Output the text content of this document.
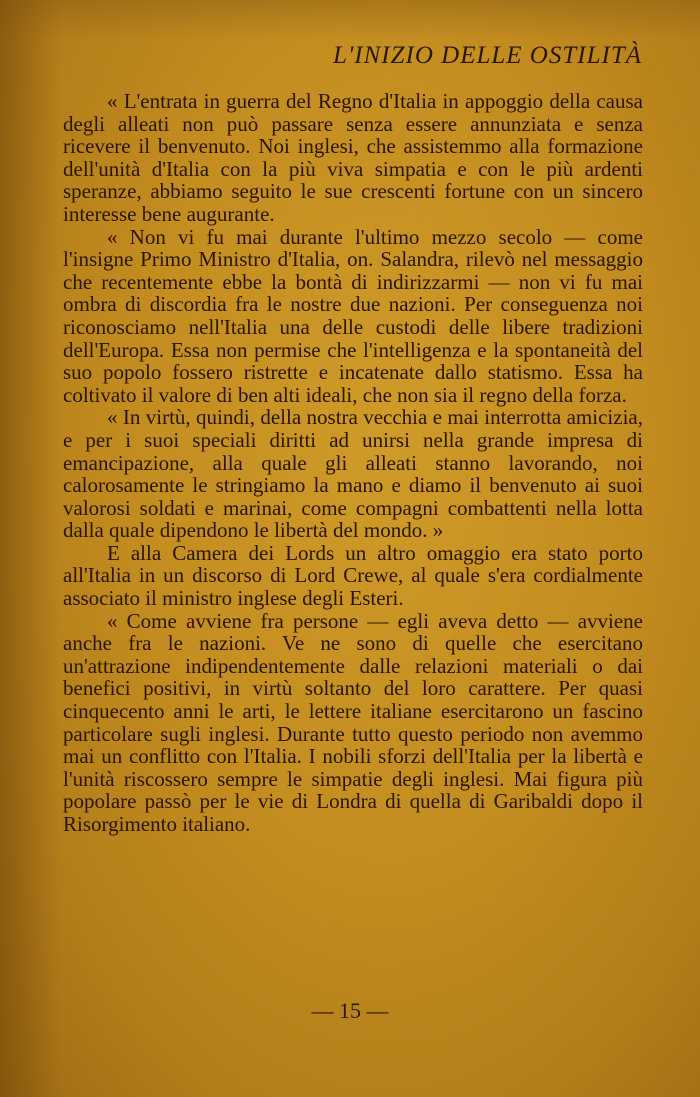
L'INIZIO DELLE OSTILITÀ

« L'entrata in guerra del Regno d'Italia in appoggio della causa degli alleati non può passare senza essere annunziata e senza ricevere il benvenuto. Noi inglesi, che assistemmo alla formazione dell'unità d'Italia con la più viva simpatia e con le più ardenti speranze, abbiamo seguito le sue crescenti fortune con un sincero interesse bene augurante.

« Non vi fu mai durante l'ultimo mezzo secolo — come l'insigne Primo Ministro d'Italia, on. Salandra, rilevò nel messaggio che recentemente ebbe la bontà di indirizzarmi — non vi fu mai ombra di discordia fra le nostre due nazioni. Per conseguenza noi riconosciamo nell'Italia una delle custodi delle libere tradizioni dell'Europa. Essa non permise che l'intelligenza e la spontaneità del suo popolo fossero ristrette e incatenate dallo statismo. Essa ha coltivato il valore di ben alti ideali, che non sia il regno della forza.

« In virtù, quindi, della nostra vecchia e mai interrotta amicizia, e per i suoi speciali diritti ad unirsi nella grande impresa di emancipazione, alla quale gli alleati stanno lavorando, noi calorosamente le stringiamo la mano e diamo il benvenuto ai suoi valorosi soldati e marinai, come compagni combattenti nella lotta dalla quale dipendono le libertà del mondo. »

E alla Camera dei Lords un altro omaggio era stato porto all'Italia in un discorso di Lord Crewe, al quale s'era cordialmente associato il ministro inglese degli Esteri.

« Come avviene fra persone — egli aveva detto — avviene anche fra le nazioni. Ve ne sono di quelle che esercitano un'attrazione indipendentemente dalle relazioni materiali o dai benefici positivi, in virtù soltanto del loro carattere. Per quasi cinquecento anni le arti, le lettere italiane esercitarono un fascino particolare sugli inglesi. Durante tutto questo periodo non avemmo mai un conflitto con l'Italia. I nobili sforzi dell'Italia per la libertà e l'unità riscossero sempre le simpatie degli inglesi. Mai figura più popolare passò per le vie di Londra di quella di Garibaldi dopo il Risorgimento italiano.

— 15 —
